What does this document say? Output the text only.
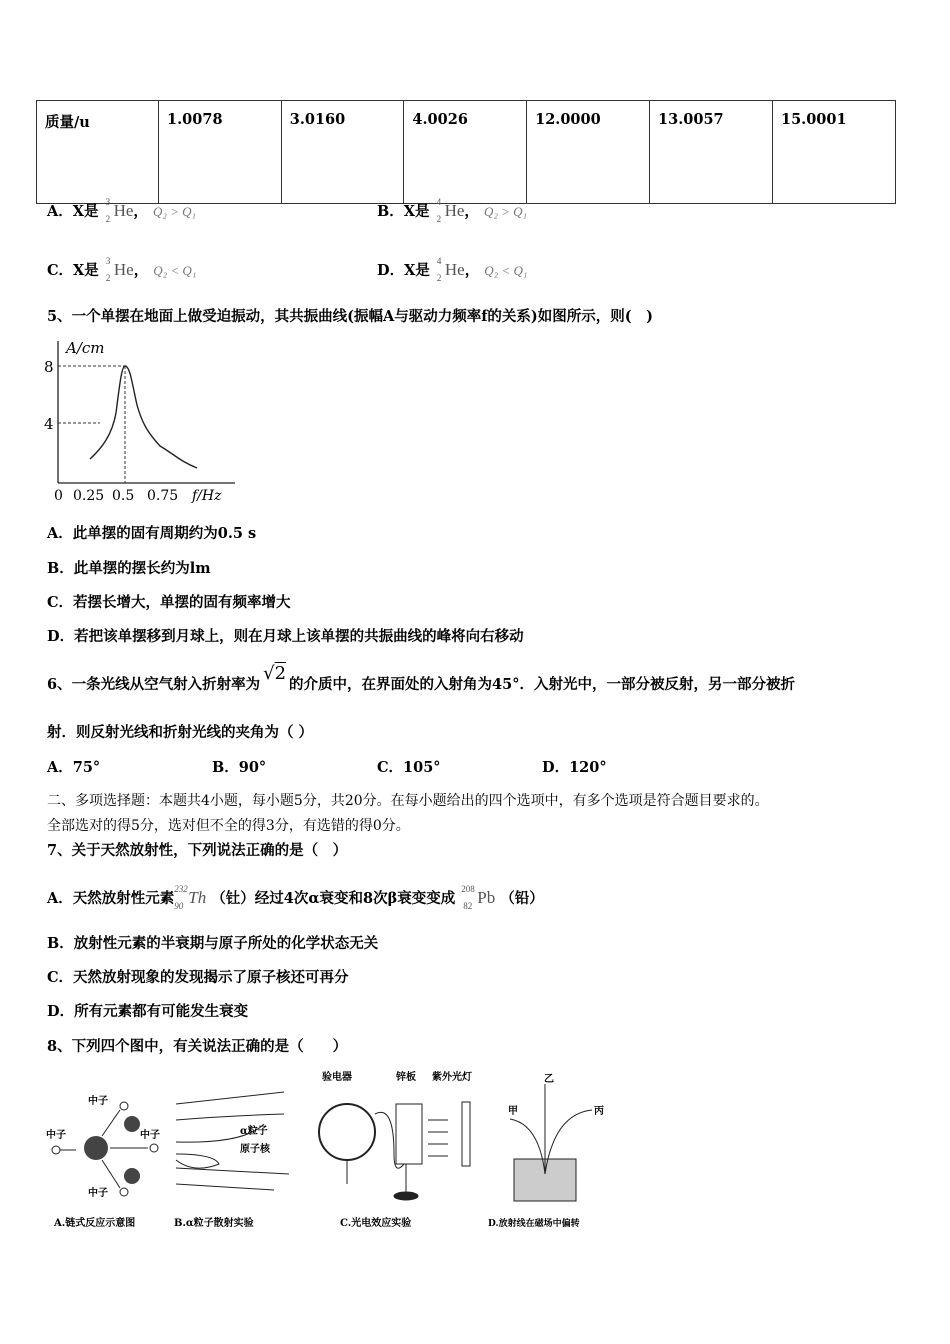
质量/u	1.0078	3.0160	4.0026	12.0000	13.0057	15.0001
A．X是
3
2 He， Q₂ > Q₁	B．X是
4
2 He， Q₂ > Q₁
C．X是
3
2 He， Q₂ < Q₁	D．X是
4
2 He， Q₂ < Q₁
5、一个单摆在地面上做受迫振动，其共振曲线(振幅A与驱动力频率f的关系)如图所示，则(　)
A/cm
8
4
0 0.25 0.5 0.75 f/Hz
A．此单摆的固有周期约为0.5 s
B．此单摆的摆长约为lm
C．若摆长增大，单摆的固有频率增大
D．若把该单摆移到月球上，则在月球上该单摆的共振曲线的峰将向右移动
6、一条光线从空气射入折射率为√2的介质中，在界面处的入射角为45°．入射光中，一部分被反射，另一部分被折
射．则反射光线和折射光线的夹角为（ ）
A．75°	B．90°	C．105°	D．120°
二、多项选择题：本题共4小题，每小题5分，共20分。在每小题给出的四个选项中，有多个选项是符合题目要求的。
全部选对的得5分，选对但不全的得3分，有选错的得0分。
7、关于天然放射性，下列说法正确的是（　）
A．天然放射性元素
232
90 Th （钍）经过4次α衰变和8次β衰变变成
208
82 Pb （铅）
B．放射性元素的半衰期与原子所处的化学状态无关
C．天然放射现象的发现揭示了原子核还可再分
D．所有元素都有可能发生衰变
8、下列四个图中，有关说法正确的是（　　）
中子
中子
中子
中子
A.链式反应示意图
α粒子
原子核
B.α粒子散射实验
验电器	锌板 紫外光灯
C.光电效应实验
乙
甲	丙
D.放射线在磁场中偏转
